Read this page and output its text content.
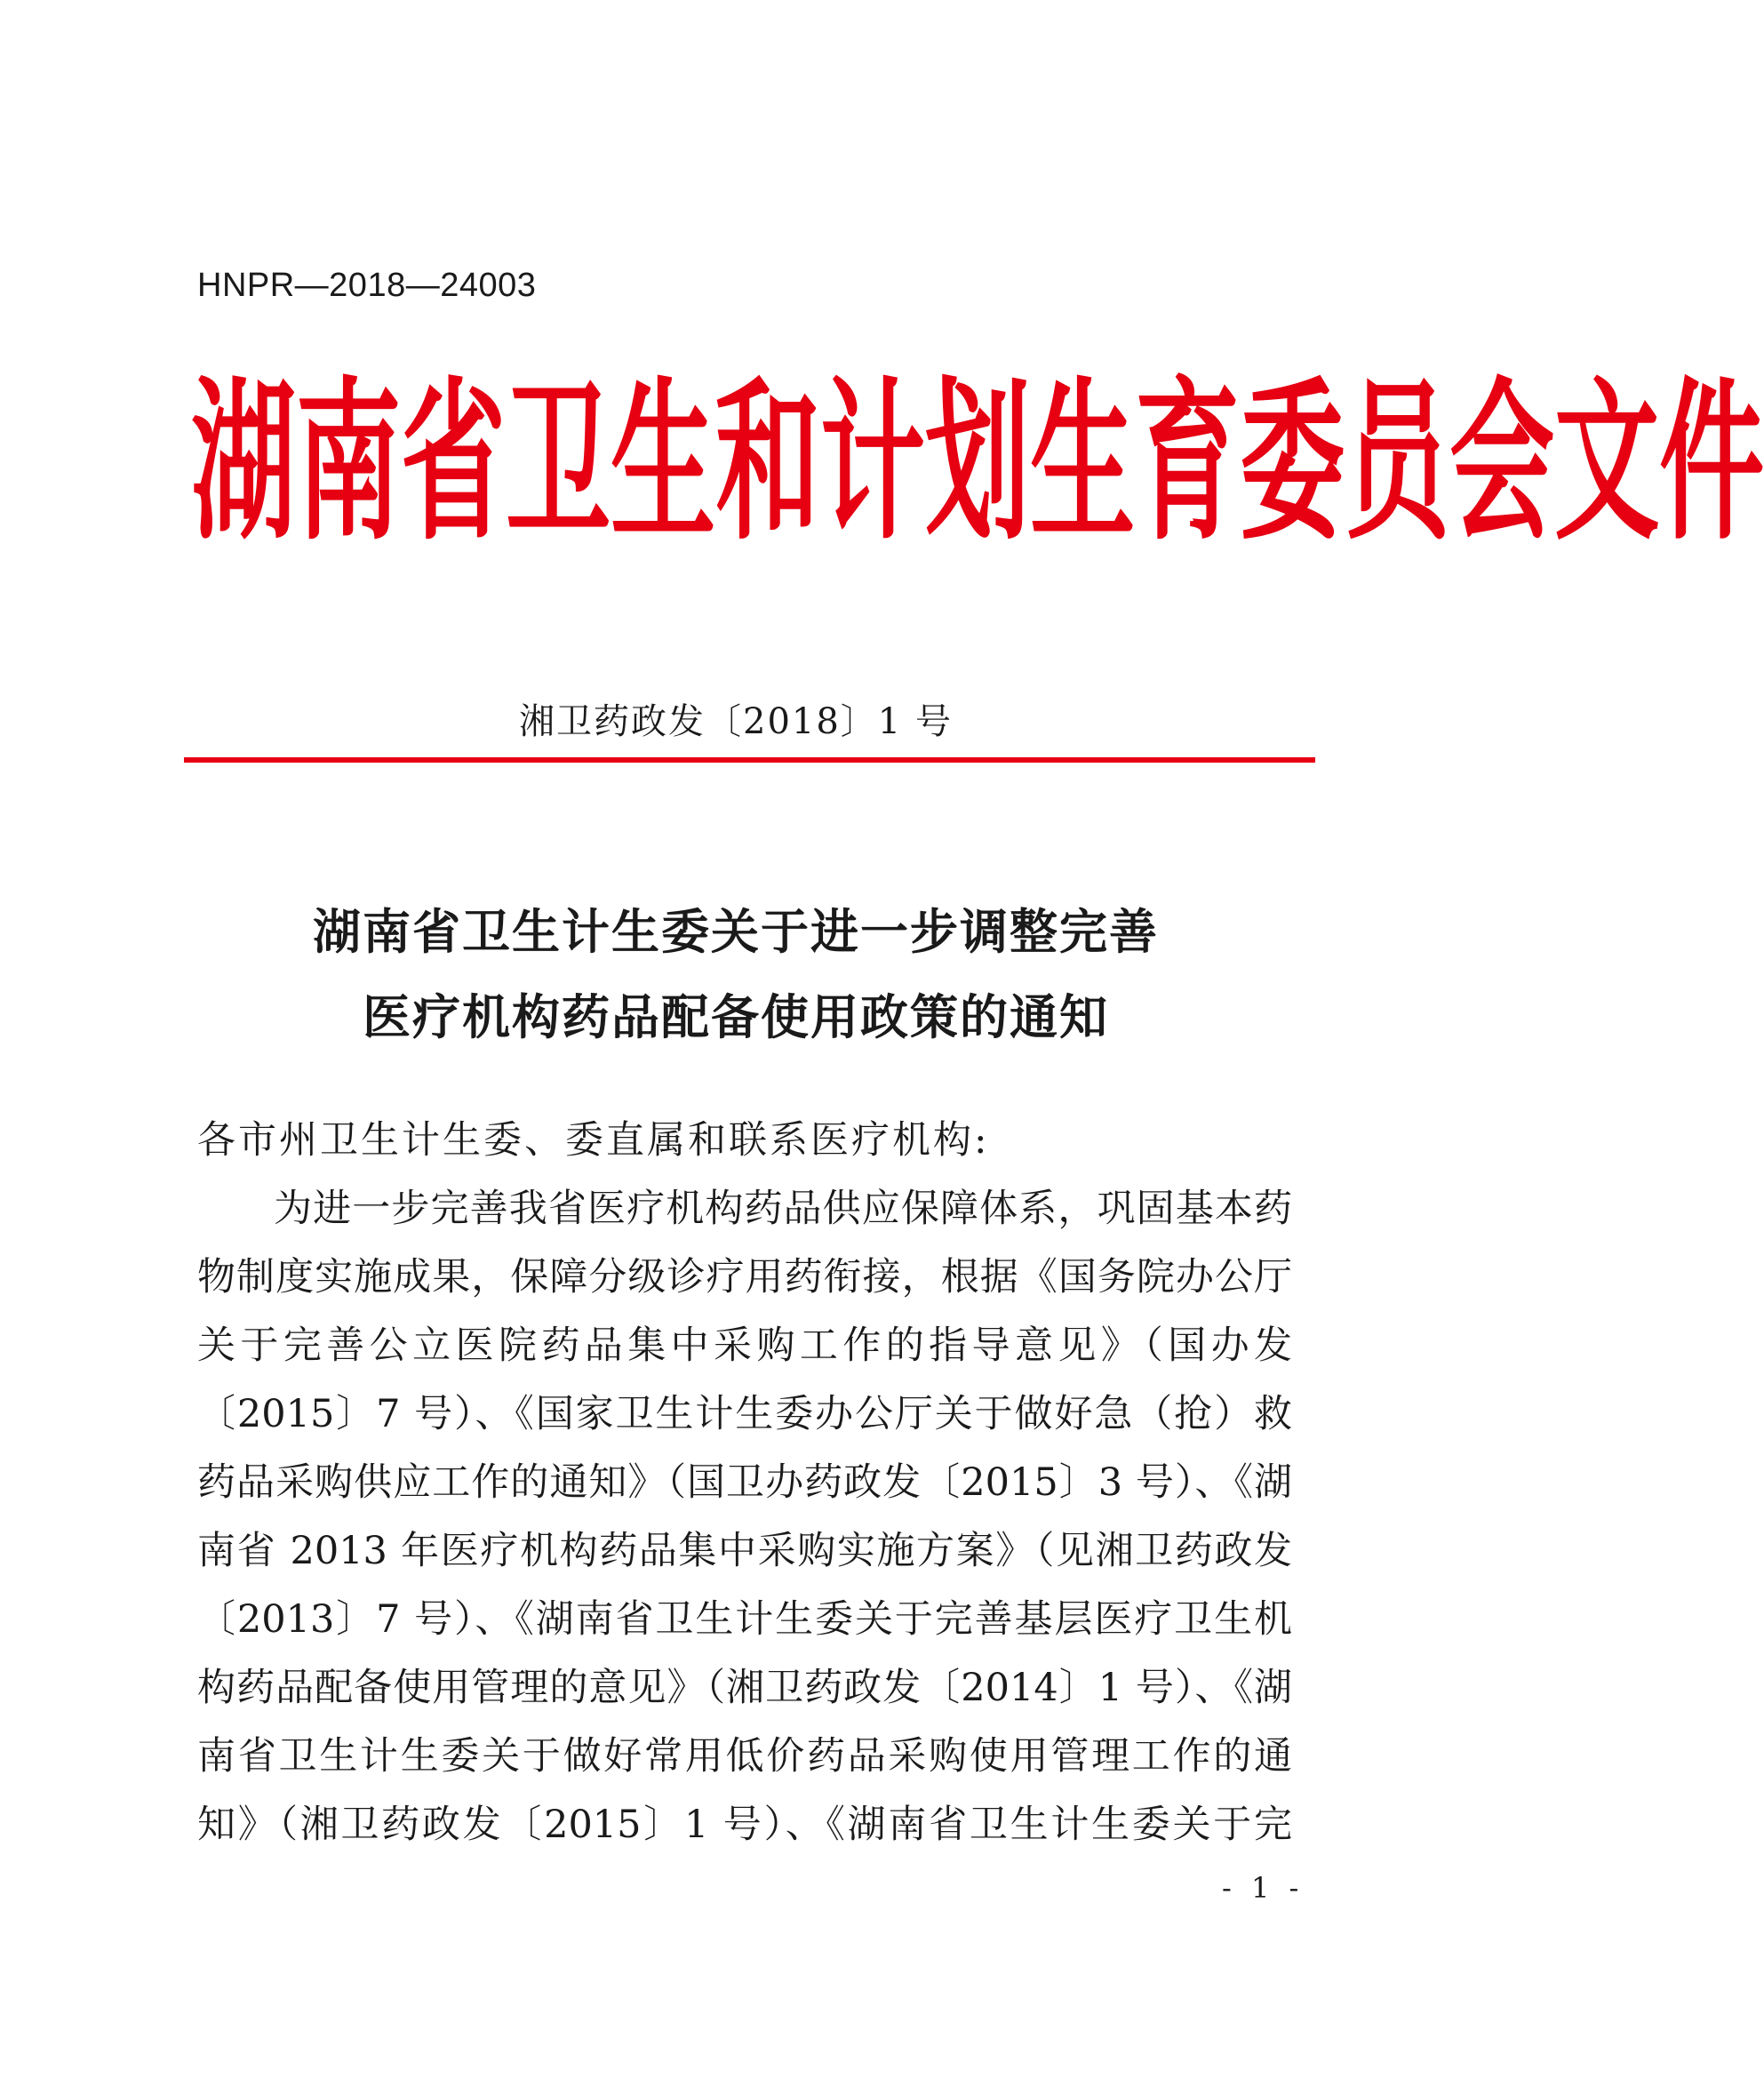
HNPR—2018—24003
湖 南 省 卫 生 和 计 划 生 育 委 员 会 文 件
湘卫药政发〔2018〕1 号
湖南省卫生计生委关于进一步调整完善
医疗机构药品配备使用政策的通知
各市州卫生计生委、委直属和联系医疗机构:
为进一步完善我省医疗机构药品供应保障体系，巩固基本药
物制度实施成果，保障分级诊疗用药衔接，根据《国务院办公厅
关于完善公立医院药品集中采购工作的指导意见》（国办发
〔2015〕7 号）、《国家卫生计生委办公厅关于做好急（抢）救
药品采购供应工作的通知》（国卫办药政发〔2015〕3 号）、《湖
南省 2013 年医疗机构药品集中采购实施方案》（见湘卫药政发
〔2013〕7 号）、《湖南省卫生计生委关于完善基层医疗卫生机
构药品配备使用管理的意见》（湘卫药政发〔2014〕1 号）、《湖
南省卫生计生委关于做好常用低价药品采购使用管理工作的通
知》（湘卫药政发〔2015〕1 号）、《湖南省卫生计生委关于完
- 1 -
